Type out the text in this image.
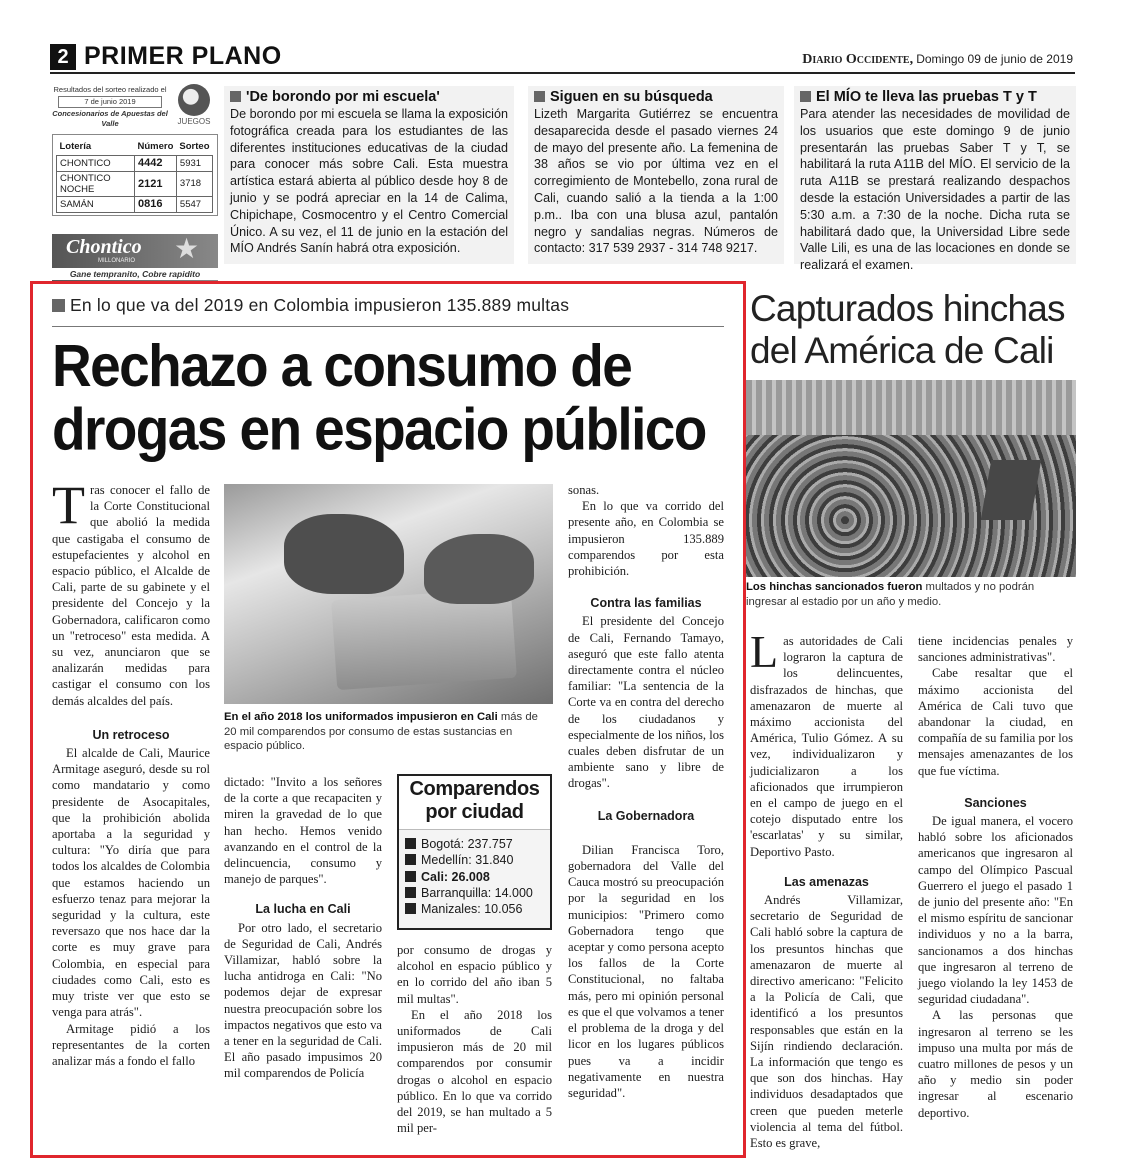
2 PRIMER PLANO	Diario Occidente, Domingo 09 de junio de 2019
Resultados del sorteo realizado el
7 de junio 2019
Concesionarios de Apuestas del Valle	JUEGOS
Lotería	Número	Sorteo
CHONTICO	4442	5931
CHONTICO NOCHE	2121	3718
SAMÁN	0816	5547
Chontico
MILLONARIO ★
Gane tempranito, Cobre rapidito
'De borondo por mi escuela'
De borondo por mi escuela se llama la exposición fotográfica creada para los estudiantes de las diferentes instituciones educativas de la ciudad para conocer más sobre Cali. Esta muestra artística estará abierta al público desde hoy 8 de junio y se podrá apreciar en la 14 de Calima, Chipichape, Cosmocentro y el Centro Comercial Único. A su vez, el 11 de junio en la estación del MÍO Andrés Sanín habrá otra exposición.
Siguen en su búsqueda
Lizeth Margarita Gutiérrez se encuentra desaparecida desde el pasado viernes 24 de mayo del presente año. La femenina de 38 años se vio por última vez en el corregimiento de Montebello, zona rural de Cali, cuando salió a la tienda a la 1:00 p.m.. Iba con una blusa azul, pantalón negro y sandalias negras. Números de contacto: 317 539 2937 - 314 748 9217.
El MÍO te lleva las pruebas T y T
Para atender las necesidades de movilidad de los usuarios que este domingo 9 de junio presentarán las pruebas Saber T y T, se habilitará la ruta A11B del MÍO. El servicio de la ruta A11B se prestará realizando despachos desde la estación Universidades a partir de las 5:30 a.m. a 7:30 de la noche. Dicha ruta se habilitará dado que, la Universidad Libre sede Valle Lili, es una de las locaciones en donde se realizará el examen.
En lo que va del 2019 en Colombia impusieron 135.889 multas
Rechazo a consumo de
drogas en espacio público

Tras conocer el fallo de la Corte Constitucional que abolió la medida que castigaba el consumo de estupefacientes y alcohol en espacio público, el Alcalde de Cali, parte de su gabinete y el presidente del Concejo y la Gobernadora, calificaron como un "retroceso" esta medida. A su vez, anunciaron que se analizarán medidas para castigar el consumo con los demás alcaldes del país.

Un retroceso

El alcalde de Cali, Maurice Armitage aseguró, desde su rol como mandatario y como presidente de Asocapitales, que la prohibición abolida aportaba a la seguridad y cultura: "Yo diría que para todos los alcaldes de Colombia que estamos haciendo un esfuerzo tenaz para mejorar la seguridad y la cultura, este reversazo que nos hace dar la corte es muy grave para Colombia, en especial para ciudades como Cali, esto es muy triste ver que esto se venga para atrás".

Armitage pidió a los representantes de la corten analizar más a fondo el fallo

En el año 2018 los uniformados impusieron en Cali más de 20 mil comparendos por consumo de estas sustancias en espacio público.

dictado: "Invito a los señores de la corte a que recapaciten y miren la gravedad de lo que han hecho. Hemos venido avanzando en el control de la delincuencia, consumo y manejo de parques".

La lucha en Cali

Por otro lado, el secretario de Seguridad de Cali, Andrés Villamizar, habló sobre la lucha antidroga en Cali: "No podemos dejar de expresar nuestra preocupación sobre los impactos negativos que esto va a tener en la seguridad de Cali. El año pasado impusimos 20 mil comparendos de Policía

Comparendos
por ciudad
Bogotá: 237.757
Medellín: 31.840
Cali: 26.008
Barranquilla: 14.000
Manizales: 10.056

por consumo de drogas y alcohol en espacio público y en lo corrido del año iban 5 mil multas".

En el año 2018 los uniformados de Cali impusieron más de 20 mil comparendos por consumir drogas o alcohol en espacio público. En lo que va corrido del 2019, se han multado a 5 mil per-

sonas.

En lo que va corrido del presente año, en Colombia se impusieron 135.889 comparendos por esta prohibición.

Contra las familias

El presidente del Concejo de Cali, Fernando Tamayo, aseguró que este fallo atenta directamente contra el núcleo familiar: "La sentencia de la Corte va en contra del derecho de los ciudadanos y especialmente de los niños, los cuales deben disfrutar de un ambiente sano y libre de drogas".

La Gobernadora

Dilian Francisca Toro, gobernadora del Valle del Cauca mostró su preocupación por la seguridad en los municipios: "Primero como Gobernadora tengo que aceptar y como persona acepto los fallos de la Corte Constitucional, no faltaba más, pero mi opinión personal es que el que volvamos a tener el problema de la droga y del licor en los lugares públicos pues va a incidir negativamente en nuestra seguridad".

Capturados hinchas
del América de Cali
Los hinchas sancionados fueron multados y no podrán ingresar al estadio por un año y medio.

Las autoridades de Cali lograron la captura de los delincuentes, disfrazados de hinchas, que amenazaron de muerte al máximo accionista del América, Tulio Gómez. A su vez, individualizaron y judicializaron a los aficionados que irrumpieron en el campo de juego en el cotejo disputado entre los 'escarlatas' y su similar, Deportivo Pasto.

Las amenazas

Andrés Villamizar, secretario de Seguridad de Cali habló sobre la captura de los presuntos hinchas que amenazaron de muerte al directivo americano: "Felicito a la Policía de Cali, que identificó a los presuntos responsables que están en la Sijín rindiendo declaración. La información que tengo es que son dos hinchas. Hay individuos desadaptados que creen que pueden meterle violencia al tema del fútbol. Esto es grave,

tiene incidencias penales y sanciones administrativas".

Cabe resaltar que el máximo accionista del América de Cali tuvo que abandonar la ciudad, en compañía de su familia por los mensajes amenazantes de los que fue víctima.

Sanciones

De igual manera, el vocero habló sobre los aficionados americanos que ingresaron al campo del Olímpico Pascual Guerrero el juego el pasado 1 de junio del presente año: "En el mismo espíritu de sancionar individuos y no a la barra, sancionamos a dos hinchas que ingresaron al terreno de juego violando la ley 1453 de seguridad ciudadana".

A las personas que ingresaron al terreno se les impuso una multa por más de cuatro millones de pesos y un año y medio sin poder ingresar al escenario deportivo.
